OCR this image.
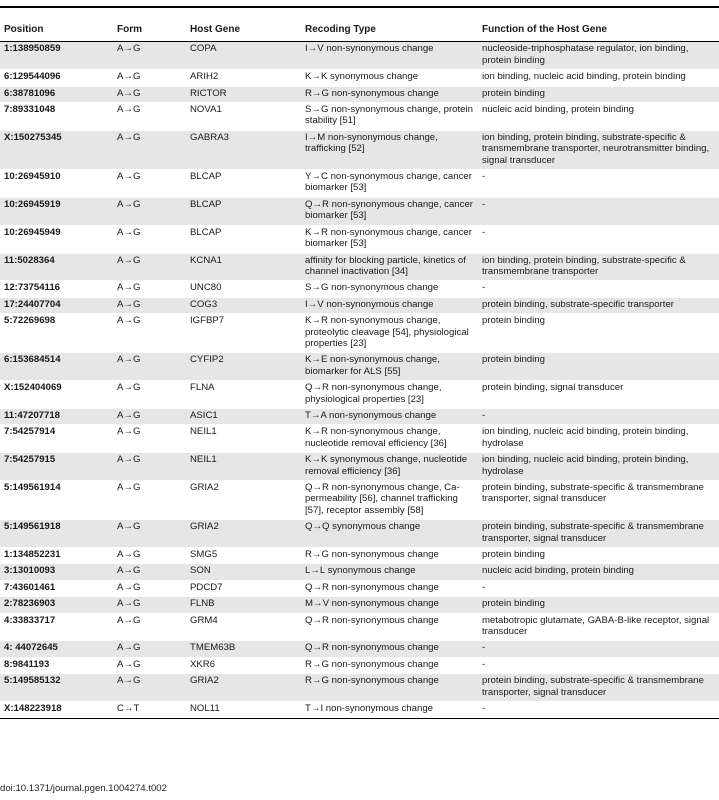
Position	Form	Host Gene	Recoding Type	Function of the Host Gene
1:138950859	A→G	COPA	I→V non-synonymous change	nucleoside-triphosphatase regulator, ion binding, protein binding
6:129544096	A→G	ARIH2	K→K synonymous change	ion binding, nucleic acid binding, protein binding
6:38781096	A→G	RICTOR	R→G non-synonymous change	protein binding
7:89331048	A→G	NOVA1	S→G non-synonymous change, protein stability [51]	nucleic acid binding, protein binding
X:150275345	A→G	GABRA3	I→M non-synonymous change, trafficking [52]	ion binding, protein binding, substrate-specific & transmembrane transporter, neurotransmitter binding, signal transducer
10:26945910	A→G	BLCAP	Y→C non-synonymous change, cancer biomarker [53]	-
10:26945919	A→G	BLCAP	Q→R non-synonymous change, cancer biomarker [53]	-
10:26945949	A→G	BLCAP	K→R non-synonymous change, cancer biomarker [53]	-
11:5028364	A→G	KCNA1	affinity for blocking particle, kinetics of channel inactivation [34]	ion binding, protein binding, substrate-specific & transmembrane transporter
12:73754116	A→G	UNC80	S→G non-synonymous change	-
17:24407704	A→G	COG3	I→V non-synonymous change	protein binding, substrate-specific transporter
5:72269698	A→G	IGFBP7	K→R non-synonymous change, proteolytic cleavage [54], physiological properties [23]	protein binding
6:153684514	A→G	CYFIP2	K→E non-synonymous change, biomarker for ALS [55]	protein binding
X:152404069	A→G	FLNA	Q→R non-synonymous change, physiological properties [23]	protein binding, signal transducer
11:47207718	A→G	ASIC1	T→A non-synonymous change	-
7:54257914	A→G	NEIL1	K→R non-synonymous change, nucleotide removal efficiency [36]	ion binding, nucleic acid binding, protein binding, hydrolase
7:54257915	A→G	NEIL1	K→K synonymous change, nucleotide removal efficiency [36]	ion binding, nucleic acid binding, protein binding, hydrolase
5:149561914	A→G	GRIA2	Q→R non-synonymous change, Ca-permeability [56], channel trafficking [57], receptor assembly [58]	protein binding, substrate-specific & transmembrane transporter, signal transducer
5:149561918	A→G	GRIA2	Q→Q synonymous change	protein binding, substrate-specific & transmembrane transporter, signal transducer
1:134852231	A→G	SMG5	R→G non-synonymous change	protein binding
3:13010093	A→G	SON	L→L synonymous change	nucleic acid binding, protein binding
7:43601461	A→G	PDCD7	Q→R non-synonymous change	-
2:78236903	A→G	FLNB	M→V non-synonymous change	protein binding
4:33833717	A→G	GRM4	Q→R non-synonymous change	metabotropic glutamate, GABA-B-like receptor, signal transducer
4: 44072645	A→G	TMEM63B	Q→R non-synonymous change	-
8:9841193	A→G	XKR6	R→G non-synonymous change	-
5:149585132	A→G	GRIA2	R→G non-synonymous change	protein binding, substrate-specific & transmembrane transporter, signal transducer
X:148223918	C→T	NOL11	T→I non-synonymous change	-
doi:10.1371/journal.pgen.1004274.t002
